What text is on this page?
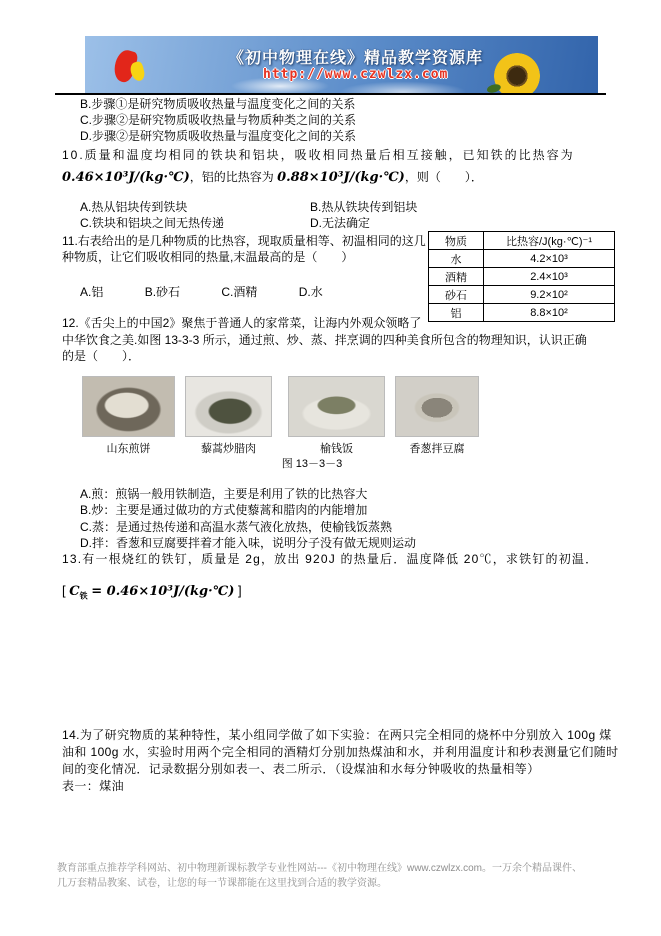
《初中物理在线》精品教学资源库
http://www.czwlzx.com
B.步骤①是研究物质吸收热量与温度变化之间的关系
C.步骤②是研究物质吸收热量与物质种类之间的关系
D.步骤②是研究物质吸收热量与温度变化之间的关系
10.质量和温度均相同的铁块和铝块，吸收相同热量后相互接触，已知铁的比热容为
0.46×10³J/(kg·℃)，铝的比热容为 0.88×10³J/(kg·℃)，则（　　）．
A.热从铝块传到铁块	B.热从铁块传到铝块
C.铁块和铝块之间无热传递	D.无法确定
11.右表给出的是几种物质的比热容，现取质量相等、初温相同的这几
种物质，让它们吸收相同的热量,末温最高的是（　　）
A.铝	B.砂石	C.酒精	D.水
物质	比热容/J(kg·℃)⁻¹
水	4.2×10³
酒精	2.4×10³
砂石	9.2×10²
铝	8.8×10²
12.《舌尖上的中国2》聚焦于普通人的家常菜，让海内外观众领略了
中华饮食之美.如图 13-3-3 所示，通过煎、炒、蒸、拌烹调的四种美食所包含的物理知识，认识正确
的是（　　）．
山东煎饼	藜蒿炒腊肉	榆钱饭	香葱拌豆腐
图 13－3－3
A.煎：煎锅一般用铁制造，主要是利用了铁的比热容大
B.炒：主要是通过做功的方式使藜蒿和腊肉的内能增加
C.蒸：是通过热传递和高温水蒸气液化放热，使榆钱饭蒸熟
D.拌：香葱和豆腐要拌着才能入味，说明分子没有做无规则运动
13.有一根烧红的铁钉，质量是 2g，放出 920J 的热量后．温度降低 20℃，求铁钉的初温．
[ $C_铁$ = 0.46×10³J/(kg·℃) ]
14.为了研究物质的某种特性，某小组同学做了如下实验：在两只完全相同的烧杯中分别放入 100g 煤
油和 100g 水，实验时用两个完全相同的酒精灯分别加热煤油和水，并利用温度计和秒表测量它们随时
间的变化情况．记录数据分别如表一、表二所示．（设煤油和水每分钟吸收的热量相等）
表一：煤油
教育部重点推荐学科网站、初中物理新课标教学专业性网站---《初中物理在线》www.czwlzx.com。一万余个精品课件、
几万套精品教案、试卷，让您的每一节课都能在这里找到合适的教学资源。
